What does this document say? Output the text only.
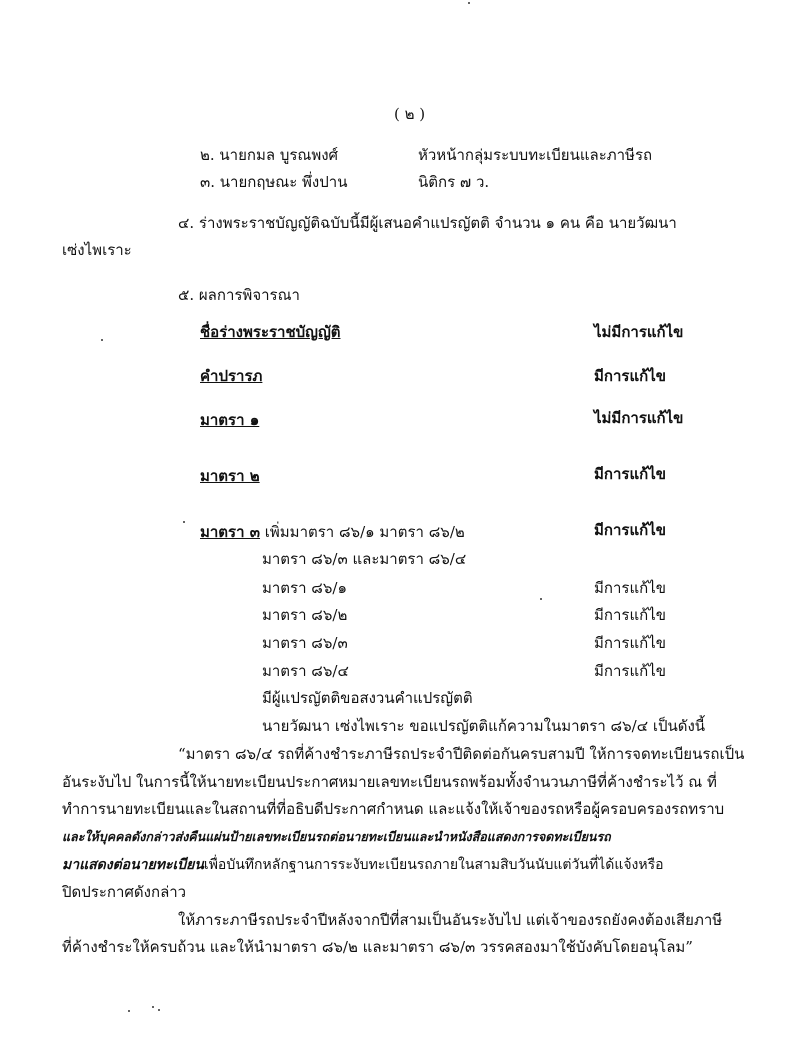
( ๒ )
๒. นายกมล บูรณพงศ์	หัวหน้ากลุ่มระบบทะเบียนและภาษีรถ
๓. นายกฤษณะ พึ่งปาน	นิติกร ๗ ว.
๔. ร่างพระราชบัญญัติฉบับนี้มีผู้เสนอคำแปรญัตติ จำนวน ๑ คน คือ นายวัฒนา
เซ่งไพเราะ
๕. ผลการพิจารณา
ชื่อร่างพระราชบัญญัติ	ไม่มีการแก้ไข
คำปรารภ	มีการแก้ไข
มาตรา ๑	ไม่มีการแก้ไข
มาตรา ๒	มีการแก้ไข
มาตรา ๓ เพิ่มมาตรา ๘๖/๑ มาตรา ๘๖/๒	มีการแก้ไข
มาตรา ๘๖/๓ และมาตรา ๘๖/๔
มาตรา ๘๖/๑	มีการแก้ไข
มาตรา ๘๖/๒	มีการแก้ไข
มาตรา ๘๖/๓	มีการแก้ไข
มาตรา ๘๖/๔	มีการแก้ไข
มีผู้แปรญัตติขอสงวนคำแปรญัตติ
นายวัฒนา เซ่งไพเราะ ขอแปรญัตติแก้ความในมาตรา ๘๖/๔ เป็นดังนี้
“มาตรา ๘๖/๔ รถที่ค้างชำระภาษีรถประจำปีติดต่อกันครบสามปี ให้การจดทะเบียนรถเป็น
อันระงับไป ในการนี้ให้นายทะเบียนประกาศหมายเลขทะเบียนรถพร้อมทั้งจำนวนภาษีที่ค้างชำระไว้ ณ ที่
ทำการนายทะเบียนและในสถานที่ที่อธิบดีประกาศกำหนด และแจ้งให้เจ้าของรถหรือผู้ครอบครองรถทราบ
และให้บุคคลดังกล่าวส่งคืนแผ่นป้ายเลขทะเบียนรถต่อนายทะเบียนและนำหนังสือแสดงการจดทะเบียนรถ
มาแสดงต่อนายทะเบียนเพื่อบันทึกหลักฐานการระงับทะเบียนรถภายในสามสิบวันนับแต่วันที่ได้แจ้งหรือ
ปิดประกาศดังกล่าว
ให้ภาระภาษีรถประจำปีหลังจากปีที่สามเป็นอันระงับไป แต่เจ้าของรถยังคงต้องเสียภาษี
ที่ค้างชำระให้ครบถ้วน และให้นำมาตรา ๘๖/๒ และมาตรา ๘๖/๓ วรรคสองมาใช้บังคับโดยอนุโลม”
